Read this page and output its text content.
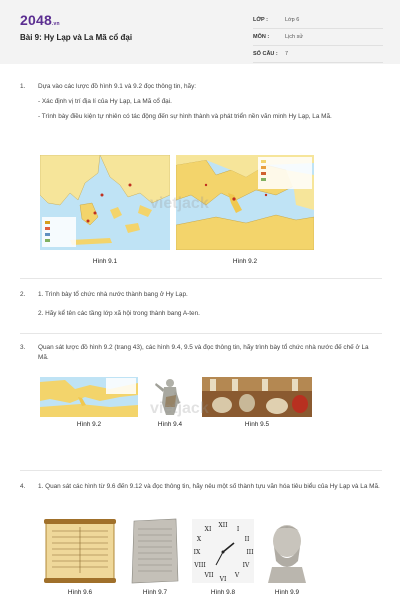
2048.vn
Bài 9: Hy Lạp và La Mã cổ đại
LỚP :	Lớp 6
MÔN :	Lịch sử
SỐ CÂU : 7
1. Dựa vào các lược đồ hình 9.1 và 9.2 đọc thông tin, hãy:

- Xác định vị trí địa lí của Hy Lạp, La Mã cổ đại.

- Trình bày điều kiện tự nhiên có tác động đến sự hình thành và phát triển nền văn minh Hy Lạp, La Mã.

Hình 9.1	Hình 9.2
2. 1. Trình bày tổ chức nhà nước thành bang ở Hy Lạp.

2. Hãy kể tên các tầng lớp xã hội trong thành bang A-ten.

3. Quan sát lược đồ hình 9.2 (trang 43), các hình 9.4, 9.5 và đọc thông tin, hãy trình bày tổ chức nhà nước đế chế ở La Mã.

Hình 9.2	Hình 9.4	Hình 9.5
4. 1. Quan sát các hình từ 9.6 đến 9.12 và đọc thông tin, hãy nêu một số thành tựu văn hóa tiêu biểu của Hy Lạp và La Mã.

Hình 9.6	Hình 9.7
XII
I
II
III
IV
V
VI
VII
VIII
IX
X
XI
Hình 9.8	Hình 9.9
vietjack
vietjack
